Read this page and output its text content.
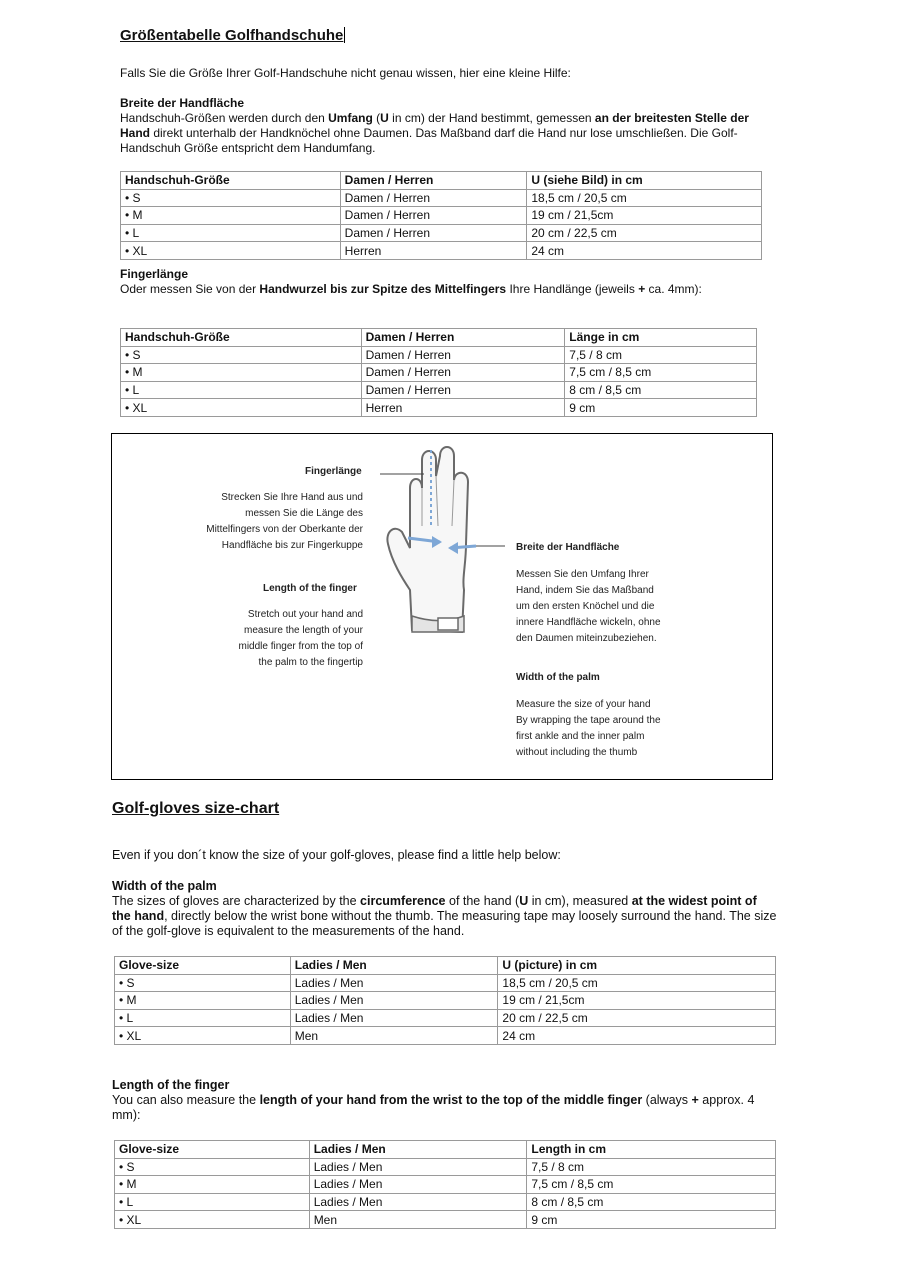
Größentabelle Golfhandschuhe
Falls Sie die Größe Ihrer Golf-Handschuhe nicht genau wissen, hier eine kleine Hilfe:
Breite der Handfläche
Handschuh-Größen werden durch den Umfang (U in cm) der Hand bestimmt, gemessen an der breitesten Stelle der Hand direkt unterhalb der Handknöchel ohne Daumen. Das Maßband darf die Hand nur lose umschließen. Die Golf-Handschuh Größe entspricht dem Handumfang.
Handschuh-Größe	Damen / Herren	U (siehe Bild) in cm
• S	Damen / Herren	18,5 cm / 20,5 cm
• M	Damen / Herren	19 cm / 21,5cm
• L	Damen / Herren	20 cm / 22,5 cm
• XL	Herren	24 cm
Fingerlänge
Oder messen Sie von der Handwurzel bis zur Spitze des Mittelfingers Ihre Handlänge (jeweils + ca. 4mm):
Handschuh-Größe	Damen / Herren	Länge in cm
• S	Damen / Herren	7,5 / 8 cm
• M	Damen / Herren	7,5 cm / 8,5 cm
• L	Damen / Herren	8 cm / 8,5 cm
• XL	Herren	9 cm
Fingerlänge
Strecken Sie Ihre Hand aus und
messen Sie die Länge des
Mittelfingers von der Oberkante der
Handfläche bis zur Fingerkuppe
Length of the finger
Stretch out your hand and
measure the length of your
middle finger from the top of
the palm to the fingertip
Breite der Handfläche
Messen Sie den Umfang Ihrer
Hand, indem Sie das Maßband
um den ersten Knöchel und die
innere Handfläche wickeln, ohne
den Daumen miteinzubeziehen.
Width of the palm
Measure the size of your hand
By wrapping the tape around the
first ankle and the inner palm
without including the thumb
Golf-gloves size-chart
Even if you don´t know the size of your golf-gloves, please find a little help below:
Width of the palm
The sizes of gloves are characterized by the circumference of the hand (U in cm), measured at the widest point of the hand, directly below the wrist bone without the thumb. The measuring tape may loosely surround the hand. The size of the golf-glove is equivalent to the measurements of the hand.
Glove-size	Ladies / Men	U (picture) in cm
• S	Ladies / Men	18,5 cm / 20,5 cm
• M	Ladies / Men	19 cm / 21,5cm
• L	Ladies / Men	20 cm / 22,5 cm
• XL	Men	24 cm
Length of the finger
You can also measure the length of your hand from the wrist to the top of the middle finger (always + approx. 4 mm):
Glove-size	Ladies / Men	Length in cm
• S	Ladies / Men	7,5 / 8 cm
• M	Ladies / Men	7,5 cm / 8,5 cm
• L	Ladies / Men	8 cm / 8,5 cm
• XL	Men	9 cm
